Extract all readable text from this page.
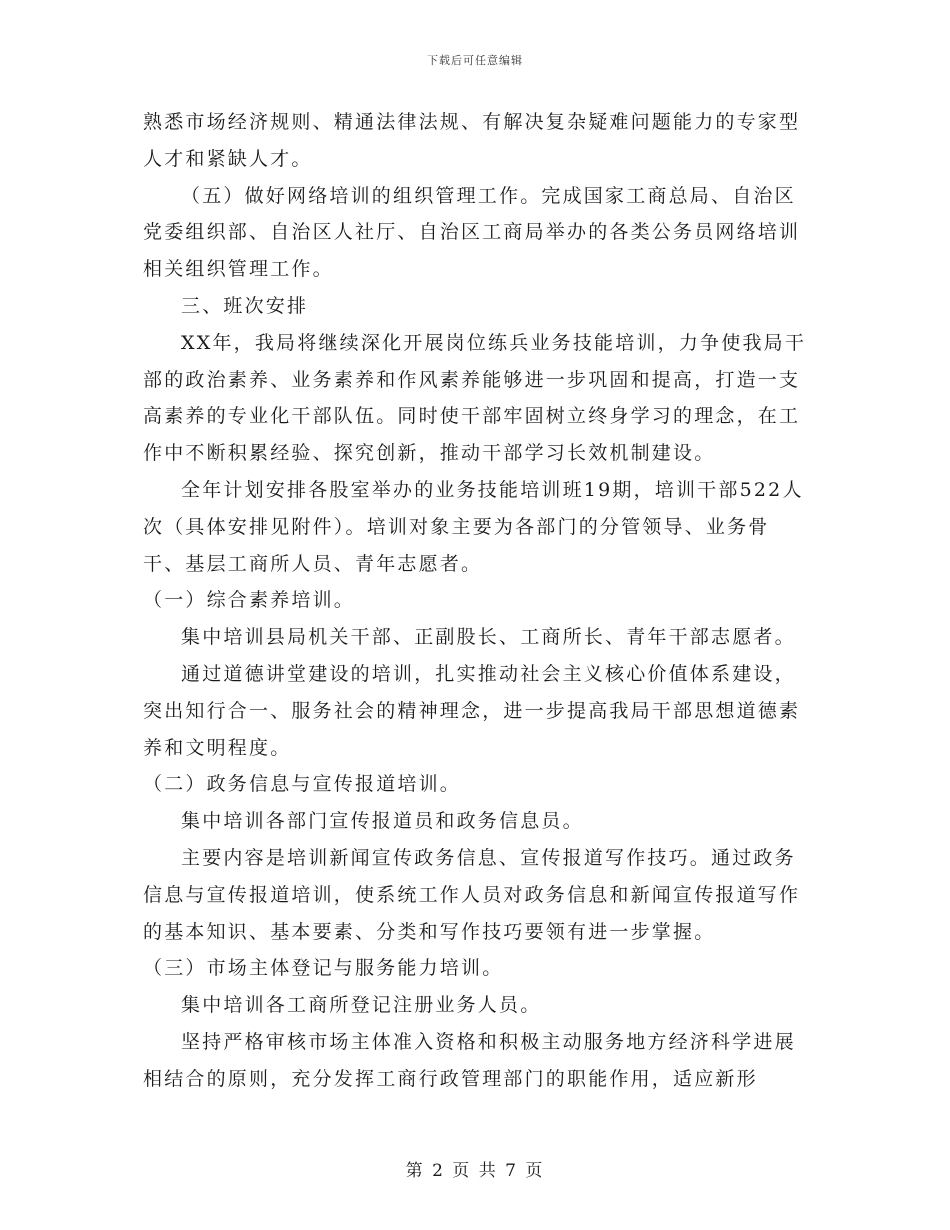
下载后可任意编辑

熟悉市场经济规则、精通法律法规、有解决复杂疑难问题能力的专家型人才和紧缺人才。

（五）做好网络培训的组织管理工作。完成国家工商总局、自治区党委组织部、自治区人社厅、自治区工商局举办的各类公务员网络培训相关组织管理工作。

三、班次安排

XX年，我局将继续深化开展岗位练兵业务技能培训，力争使我局干部的政治素养、业务素养和作风素养能够进一步巩固和提高，打造一支高素养的专业化干部队伍。同时使干部牢固树立终身学习的理念，在工作中不断积累经验、探究创新，推动干部学习长效机制建设。

全年计划安排各股室举办的业务技能培训班19期，培训干部522人次（具体安排见附件）。培训对象主要为各部门的分管领导、业务骨干、基层工商所人员、青年志愿者。

（一）综合素养培训。

集中培训县局机关干部、正副股长、工商所长、青年干部志愿者。

通过道德讲堂建设的培训，扎实推动社会主义核心价值体系建设，突出知行合一、服务社会的精神理念，进一步提高我局干部思想道德素养和文明程度。

（二）政务信息与宣传报道培训。

集中培训各部门宣传报道员和政务信息员。

主要内容是培训新闻宣传政务信息、宣传报道写作技巧。通过政务信息与宣传报道培训，使系统工作人员对政务信息和新闻宣传报道写作的基本知识、基本要素、分类和写作技巧要领有进一步掌握。

（三）市场主体登记与服务能力培训。

集中培训各工商所登记注册业务人员。

坚持严格审核市场主体准入资格和积极主动服务地方经济科学进展相结合的原则，充分发挥工商行政管理部门的职能作用，适应新形

第 2 页 共 7 页
